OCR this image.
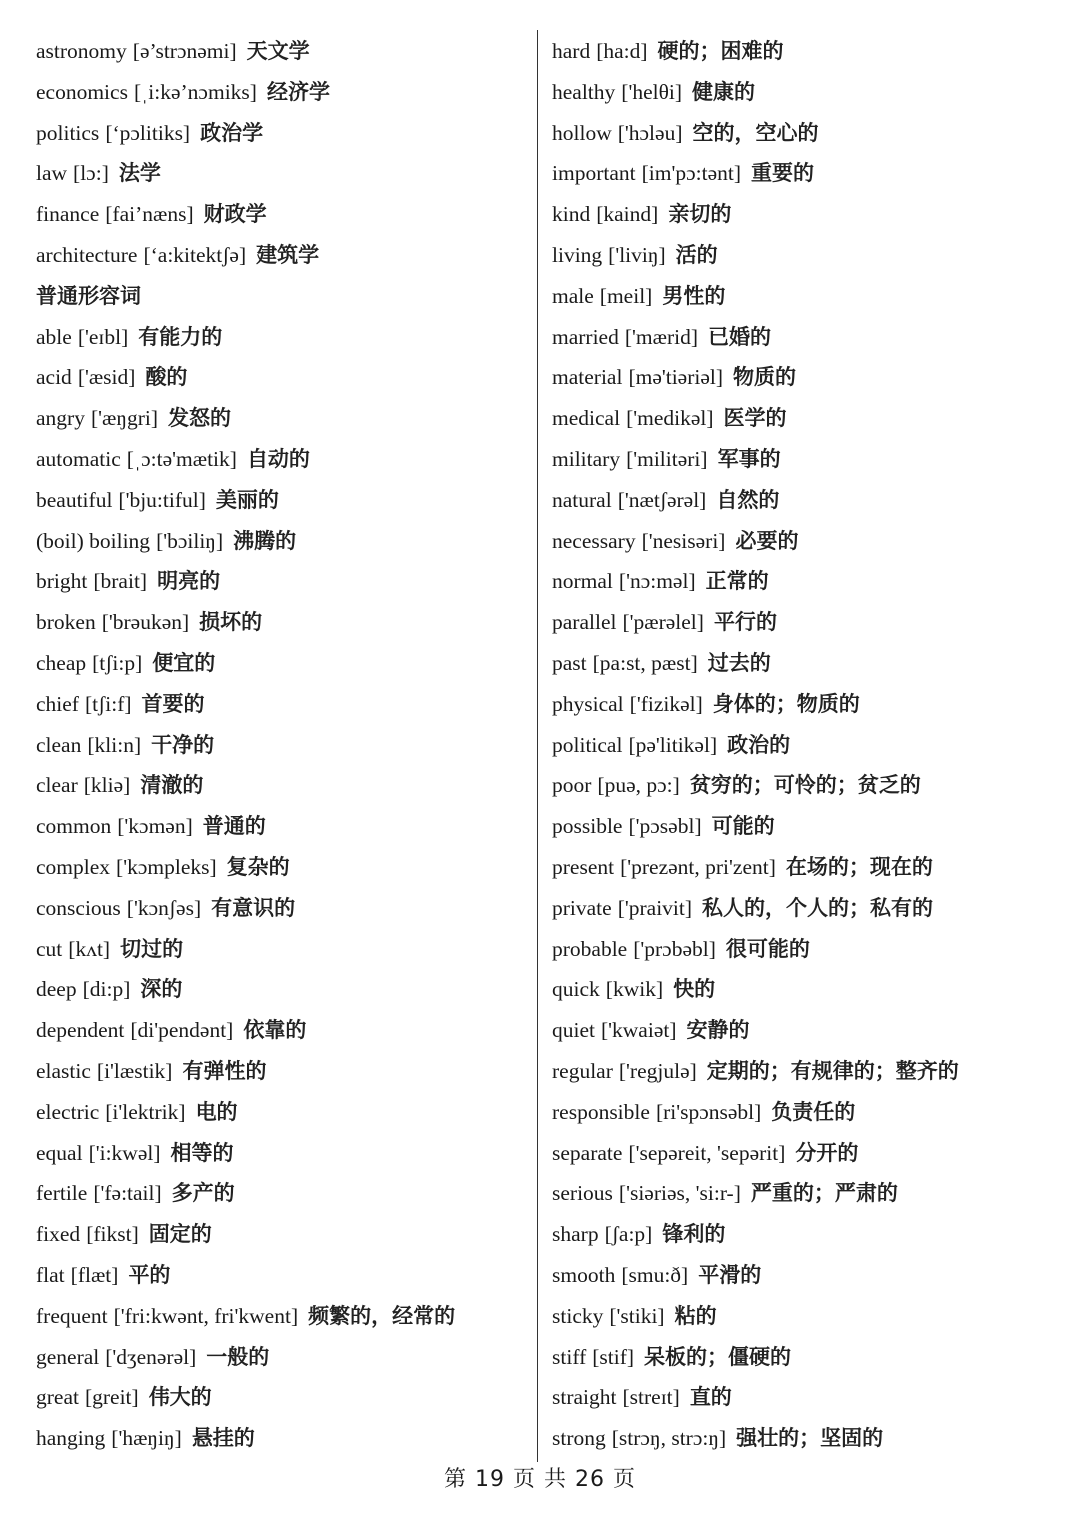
astronomy [ə’strɔnəmi] 天文学
economics [ˌi:kə’nɔmiks] 经济学
politics [‘pɔlitiks] 政治学
law [lɔ:] 法学
finance [fai’næns] 财政学
architecture [‘a:kitektʃə] 建筑学
普通形容词
able ['eɪbl] 有能力的
acid ['æsid] 酸的
angry ['æŋgri] 发怒的
automatic [ˌɔ:tə'mætik] 自动的
beautiful ['bju:tiful] 美丽的
(boil) boiling ['bɔiliŋ] 沸腾的
bright [brait] 明亮的
broken ['brəukən] 损坏的
cheap [tʃi:p] 便宜的
chief [tʃi:f] 首要的
clean [kli:n] 干净的
clear [kliə] 清澈的
common ['kɔmən] 普通的
complex ['kɔmpleks] 复杂的
conscious ['kɔnʃəs] 有意识的
cut [kʌt] 切过的
deep [di:p] 深的
dependent [di'pendənt] 依靠的
elastic [i'læstik] 有弹性的
electric [i'lektrik] 电的
equal ['i:kwəl] 相等的
fertile ['fə:tail] 多产的
fixed [fikst] 固定的
flat [flæt] 平的
frequent ['fri:kwənt, fri'kwent] 频繁的，经常的
general ['dʒenərəl] 一般的
great [greit] 伟大的
hanging ['hæŋiŋ] 悬挂的
hard [ha:d] 硬的；困难的
healthy ['helθi] 健康的
hollow ['hɔləu] 空的，空心的
important [im'pɔ:tənt] 重要的
kind [kaind] 亲切的
living ['liviŋ] 活的
male [meil] 男性的
married ['mærid] 已婚的
material [mə'tiəriəl] 物质的
medical ['medikəl] 医学的
military ['militəri] 军事的
natural ['nætʃərəl] 自然的
necessary ['nesisəri] 必要的
normal ['nɔ:məl] 正常的
parallel ['pærəlel] 平行的
past [pa:st, pæst] 过去的
physical ['fizikəl] 身体的；物质的
political [pə'litikəl] 政治的
poor [puə, pɔ:] 贫穷的；可怜的；贫乏的
possible ['pɔsəbl] 可能的
present ['prezənt, pri'zent] 在场的；现在的
private ['praivit] 私人的，个人的；私有的
probable ['prɔbəbl] 很可能的
quick [kwik] 快的
quiet ['kwaiət] 安静的
regular ['regjulə] 定期的；有规律的；整齐的
responsible [ri'spɔnsəbl] 负责任的
separate ['sepəreit, 'sepərit] 分开的
serious ['siəriəs, 'si:r-] 严重的；严肃的
sharp [ʃa:p] 锋利的
smooth [smu:ð] 平滑的
sticky ['stiki] 粘的
stiff [stif] 呆板的；僵硬的
straight [streɪt] 直的
strong [strɔŋ, strɔ:ŋ] 强壮的；坚固的
第 19 页 共 26 页
